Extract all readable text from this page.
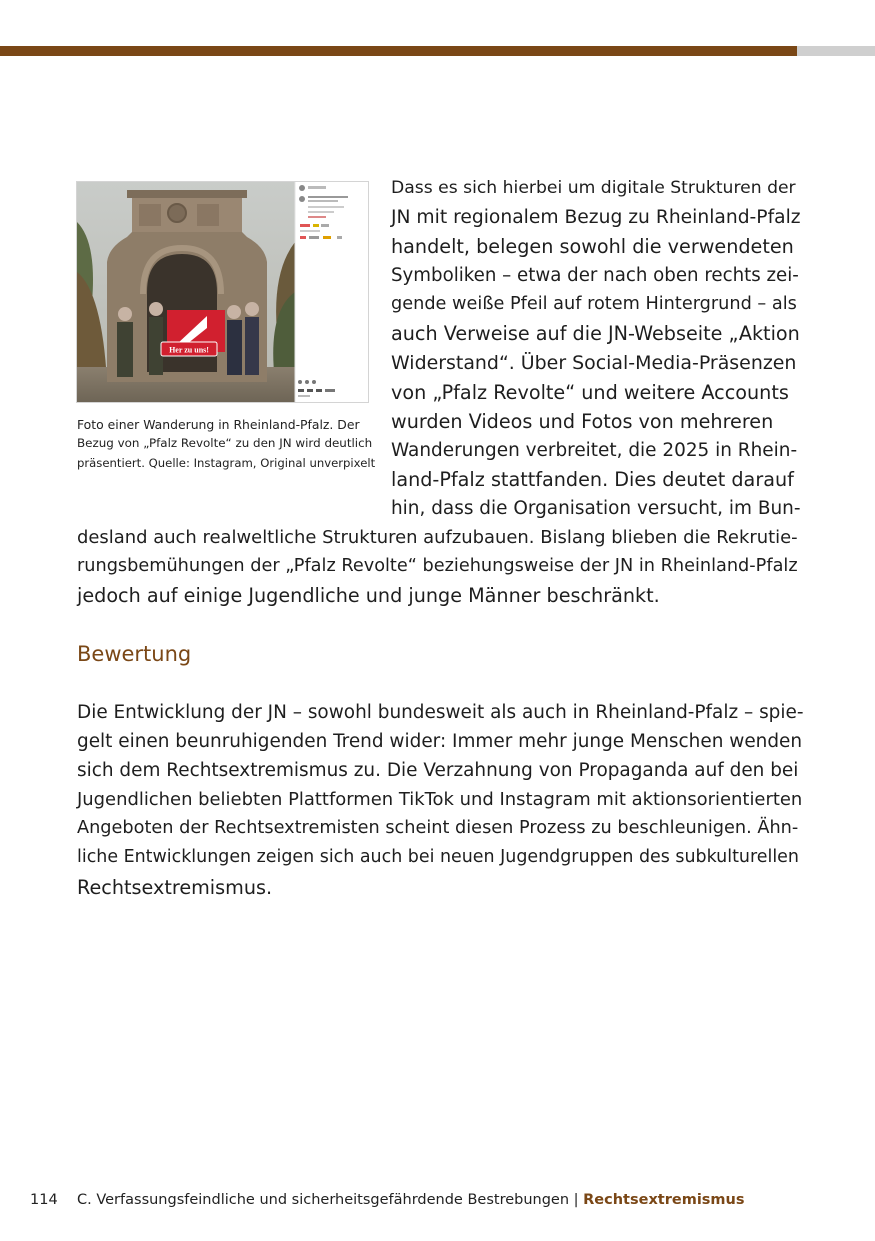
Her zu uns!
Foto einer Wanderung in Rheinland-Pfalz. Der
Bezug von „Pfalz Revolte“ zu den JN wird deutlich
präsentiert. Quelle: Instagram, Original unverpixelt
Dass es sich hierbei um digitale Strukturen der
JN mit regionalem Bezug zu Rheinland-Pfalz
handelt, belegen sowohl die verwendeten
Symboliken – etwa der nach oben rechts zei-
gende weiße Pfeil auf rotem Hintergrund – als
auch Verweise auf die JN-Webseite „Aktion
Widerstand“. Über Social-Media-Präsenzen
von „Pfalz Revolte“ und weitere Accounts
wurden Videos und Fotos von mehreren
Wanderungen verbreitet, die 2025 in Rhein-
land-Pfalz stattfanden. Dies deutet darauf
hin, dass die Organisation versucht, im Bun-
desland auch realweltliche Strukturen aufzubauen. Bislang blieben die Rekrutie-
rungsbemühungen der „Pfalz Revolte“ beziehungsweise der JN in Rheinland-Pfalz
jedoch auf einige Jugendliche und junge Männer beschränkt.
Bewertung
Die Entwicklung der JN – sowohl bundesweit als auch in Rheinland-Pfalz – spie-
gelt einen beunruhigenden Trend wider: Immer mehr junge Menschen wenden
sich dem Rechtsextremismus zu. Die Verzahnung von Propaganda auf den bei
Jugendlichen beliebten Plattformen TikTok und Instagram mit aktionsorientierten
Angeboten der Rechtsextremisten scheint diesen Prozess zu beschleunigen. Ähn-
liche Entwicklungen zeigen sich auch bei neuen Jugendgruppen des subkulturellen
Rechtsextremismus.
114 C. Verfassungsfeindliche und sicherheitsgefährdende Bestrebungen | Rechtsextremismus
